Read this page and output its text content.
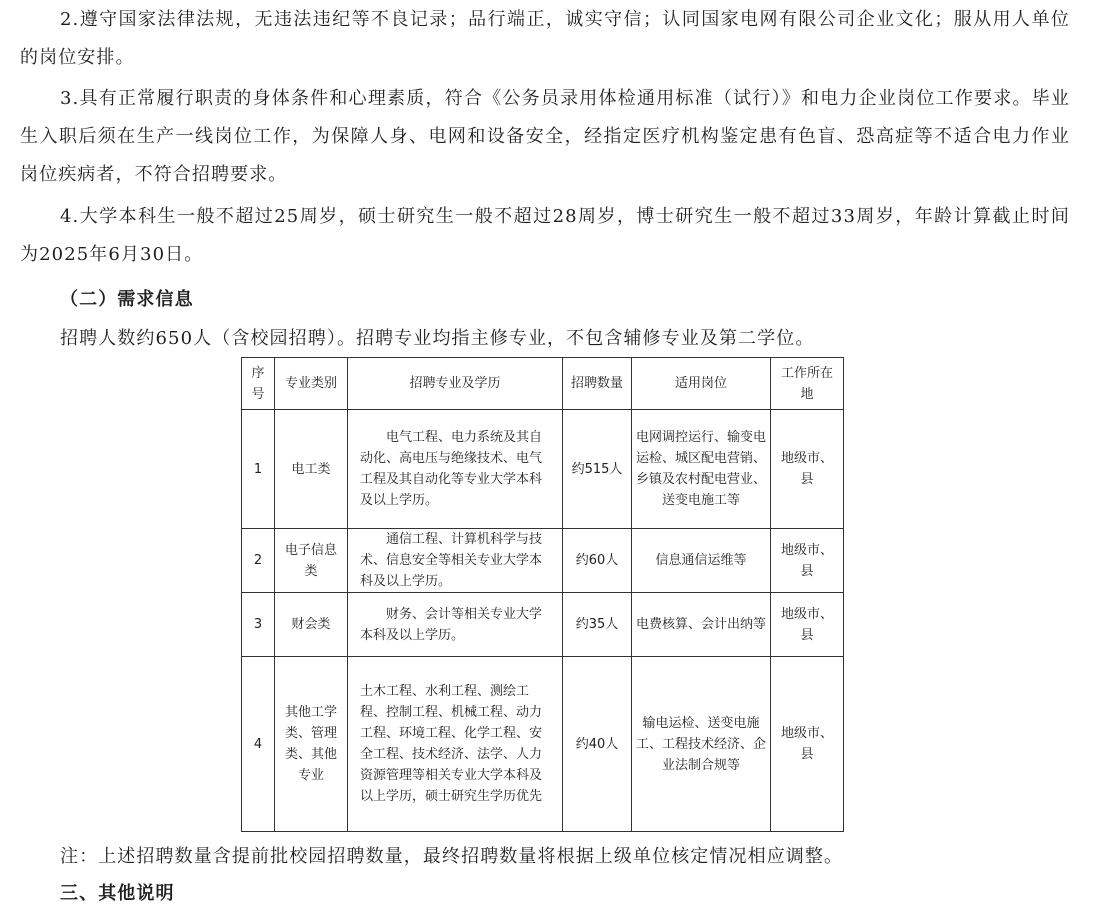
2.遵守国家法律法规，无违法违纪等不良记录；品行端正，诚实守信；认同国家电网有限公司企业文化；服从用人单位的岗位安排。
3.具有正常履行职责的身体条件和心理素质，符合《公务员录用体检通用标准（试行）》和电力企业岗位工作要求。毕业生入职后须在生产一线岗位工作，为保障人身、电网和设备安全，经指定医疗机构鉴定患有色盲、恐高症等不适合电力作业岗位疾病者，不符合招聘要求。
4.大学本科生一般不超过25周岁，硕士研究生一般不超过28周岁，博士研究生一般不超过33周岁，年龄计算截止时间为2025年6月30日。
（二）需求信息
招聘人数约650人（含校园招聘）。招聘专业均指主修专业，不包含辅修专业及第二学位。
序号	专业类别	招聘专业及学历	招聘数量	适用岗位	工作所在地
1	电工类	电气工程、电力系统及其自动化、高电压与绝缘技术、电气工程及其自动化等专业大学本科及以上学历。	约515人	电网调控运行、输变电运检、城区配电营销、乡镇及农村配电营业、送变电施工等	地级市、县
2	电子信息类	通信工程、计算机科学与技术、信息安全等相关专业大学本科及以上学历。	约60人	信息通信运维等	地级市、县
3	财会类	财务、会计等相关专业大学本科及以上学历。	约35人	电费核算、会计出纳等	地级市、县
4	其他工学类、管理类、其他专业	土木工程、水利工程、测绘工程、控制工程、机械工程、动力工程、环境工程、化学工程、安全工程、技术经济、法学、人力资源管理等相关专业大学本科及以上学历，硕士研究生学历优先	约40人	输电运检、送变电施工、工程技术经济、企业法制合规等	地级市、县
注：上述招聘数量含提前批校园招聘数量，最终招聘数量将根据上级单位核定情况相应调整。
三、其他说明
